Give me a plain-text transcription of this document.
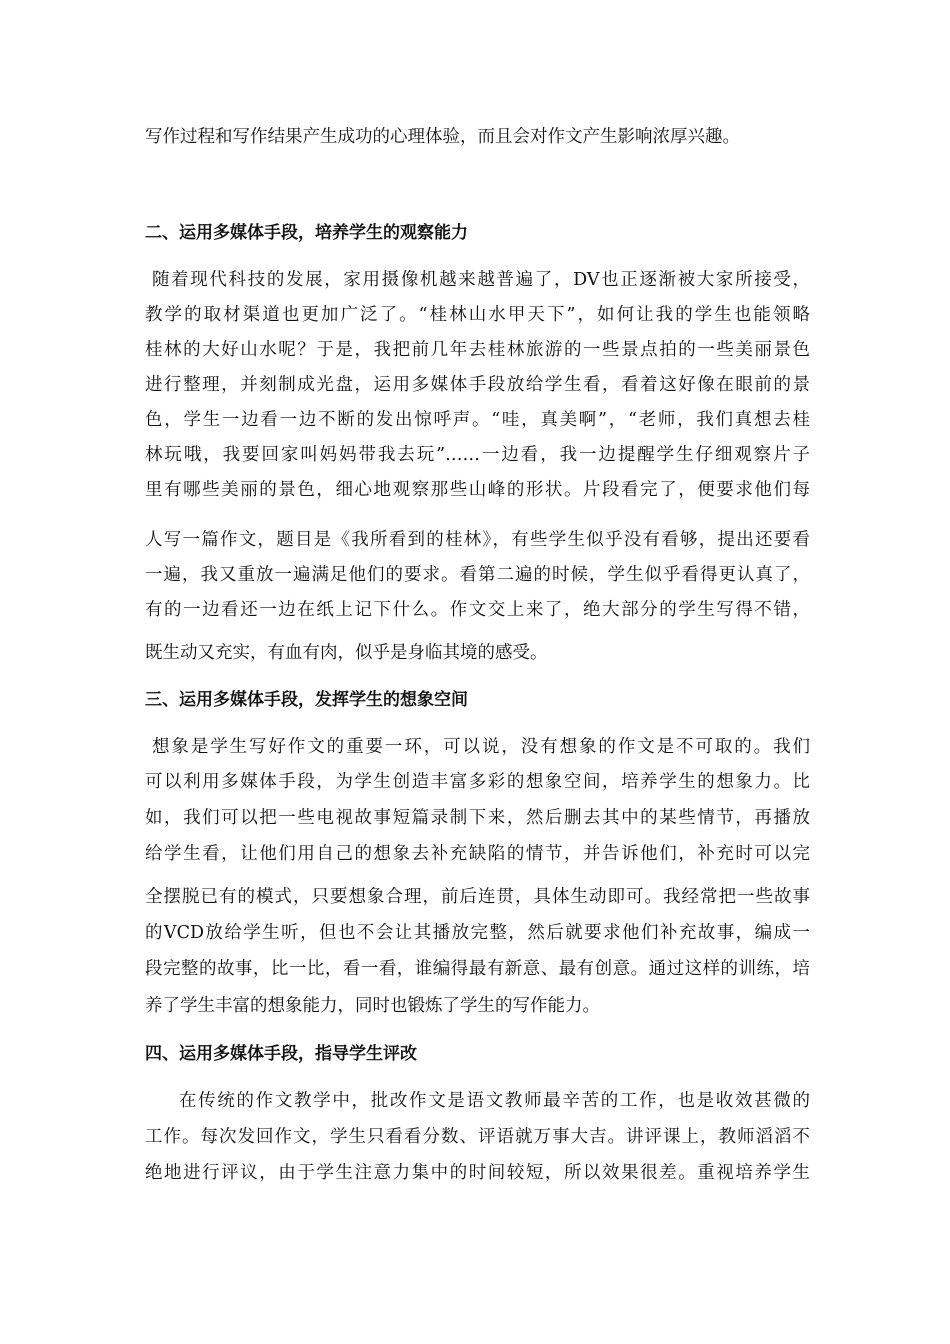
写作过程和写作结果产生成功的心理体验，而且会对作文产生影响浓厚兴趣。
二、运用多媒体手段，培养学生的观察能力
随着现代科技的发展，家用摄像机越来越普遍了，DV也正逐渐被大家所接受，
教学的取材渠道也更加广泛了。“桂林山水甲天下”，如何让我的学生也能领略
桂林的大好山水呢？于是，我把前几年去桂林旅游的一些景点拍的一些美丽景色
进行整理，并刻制成光盘，运用多媒体手段放给学生看，看着这好像在眼前的景
色，学生一边看一边不断的发出惊呼声。“哇，真美啊”，“老师，我们真想去桂
林玩哦，我要回家叫妈妈带我去玩”……一边看，我一边提醒学生仔细观察片子
里有哪些美丽的景色，细心地观察那些山峰的形状。片段看完了，便要求他们每
人写一篇作文，题目是《我所看到的桂林》，有些学生似乎没有看够，提出还要看
一遍，我又重放一遍满足他们的要求。看第二遍的时候，学生似乎看得更认真了，
有的一边看还一边在纸上记下什么。作文交上来了，绝大部分的学生写得不错，
既生动又充实，有血有肉，似乎是身临其境的感受。
三、运用多媒体手段，发挥学生的想象空间
想象是学生写好作文的重要一环，可以说，没有想象的作文是不可取的。我们
可以利用多媒体手段，为学生创造丰富多彩的想象空间，培养学生的想象力。比
如，我们可以把一些电视故事短篇录制下来，然后删去其中的某些情节，再播放
给学生看，让他们用自己的想象去补充缺陷的情节，并告诉他们，补充时可以完
全摆脱已有的模式，只要想象合理，前后连贯，具体生动即可。我经常把一些故事
的VCD放给学生听，但也不会让其播放完整，然后就要求他们补充故事，编成一
段完整的故事，比一比，看一看，谁编得最有新意、最有创意。通过这样的训练，培
养了学生丰富的想象能力，同时也锻炼了学生的写作能力。
四、运用多媒体手段，指导学生评改
在传统的作文教学中，批改作文是语文教师最辛苦的工作，也是收效甚微的
工作。每次发回作文，学生只看看分数、评语就万事大吉。讲评课上，教师滔滔不
绝地进行评议，由于学生注意力集中的时间较短，所以效果很差。重视培养学生
